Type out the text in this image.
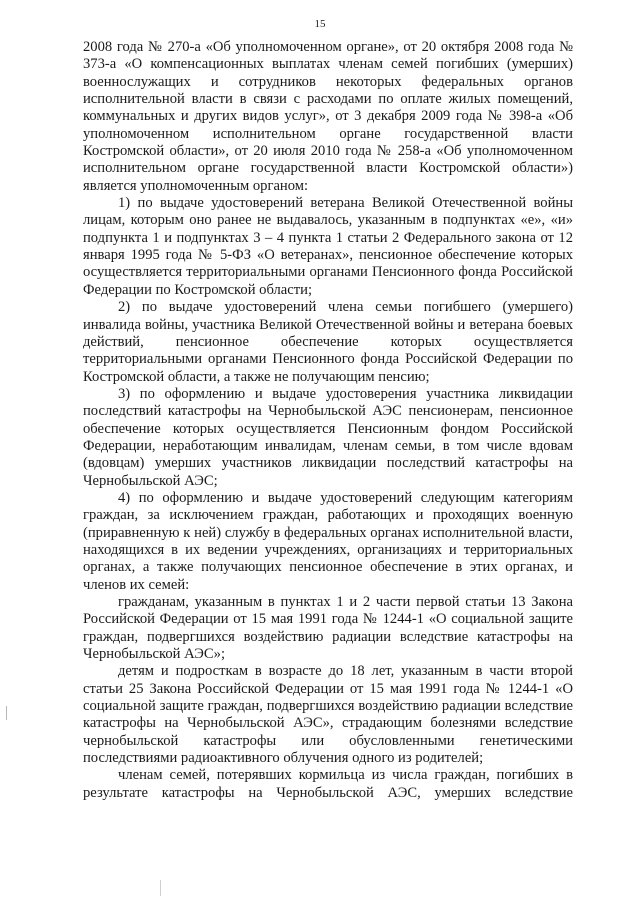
15

2008 года № 270-а «Об уполномоченном органе», от 20 октября 2008 года № 373-а «О компенсационных выплатах членам семей погибших (умерших) военнослужащих и сотрудников некоторых федеральных органов исполнительной власти в связи с расходами по оплате жилых помещений, коммунальных и других видов услуг», от 3 декабря 2009 года № 398-а «Об уполномоченном исполнительном органе государственной власти Костромской области», от 20 июля 2010 года № 258-а «Об уполномоченном исполнительном органе государственной власти Костромской области») является уполномоченным органом:

1) по выдаче удостоверений ветерана Великой Отечественной войны лицам, которым оно ранее не выдавалось, указанным в подпунктах «е», «и» подпункта 1 и подпунктах 3 – 4 пункта 1 статьи 2 Федерального закона от 12 января 1995 года № 5-ФЗ «О ветеранах», пенсионное обеспечение которых осуществляется территориальными органами Пенсионного фонда Российской Федерации по Костромской области;

2) по выдаче удостоверений члена семьи погибшего (умершего) инвалида войны, участника Великой Отечественной войны и ветерана боевых действий, пенсионное обеспечение которых осуществляется территориальными органами Пенсионного фонда Российской Федерации по Костромской области, а также не получающим пенсию;

3) по оформлению и выдаче удостоверения участника ликвидации последствий катастрофы на Чернобыльской АЭС пенсионерам, пенсионное обеспечение которых осуществляется Пенсионным фондом Российской Федерации, неработающим инвалидам, членам семьи, в том числе вдовам (вдовцам) умерших участников ликвидации последствий катастрофы на Чернобыльской АЭС;

4) по оформлению и выдаче удостоверений следующим категориям граждан, за исключением граждан, работающих и проходящих военную (приравненную к ней) службу в федеральных органах исполнительной власти, находящихся в их ведении учреждениях, организациях и территориальных органах, а также получающих пенсионное обеспечение в этих органах, и членов их семей:

гражданам, указанным в пунктах 1 и 2 части первой статьи 13 Закона Российской Федерации от 15 мая 1991 года № 1244-1 «О социальной защите граждан, подвергшихся воздействию радиации вследствие катастрофы на Чернобыльской АЭС»;

детям и подросткам в возрасте до 18 лет, указанным в части второй статьи 25 Закона Российской Федерации от 15 мая 1991 года № 1244-1 «О социальной защите граждан, подвергшихся воздействию радиации вследствие катастрофы на Чернобыльской АЭС», страдающим болезнями вследствие чернобыльской катастрофы или обусловленными генетическими последствиями радиоактивного облучения одного из родителей;

членам семей, потерявших кормильца из числа граждан, погибших в результате катастрофы на Чернобыльской АЭС, умерших вследствие
